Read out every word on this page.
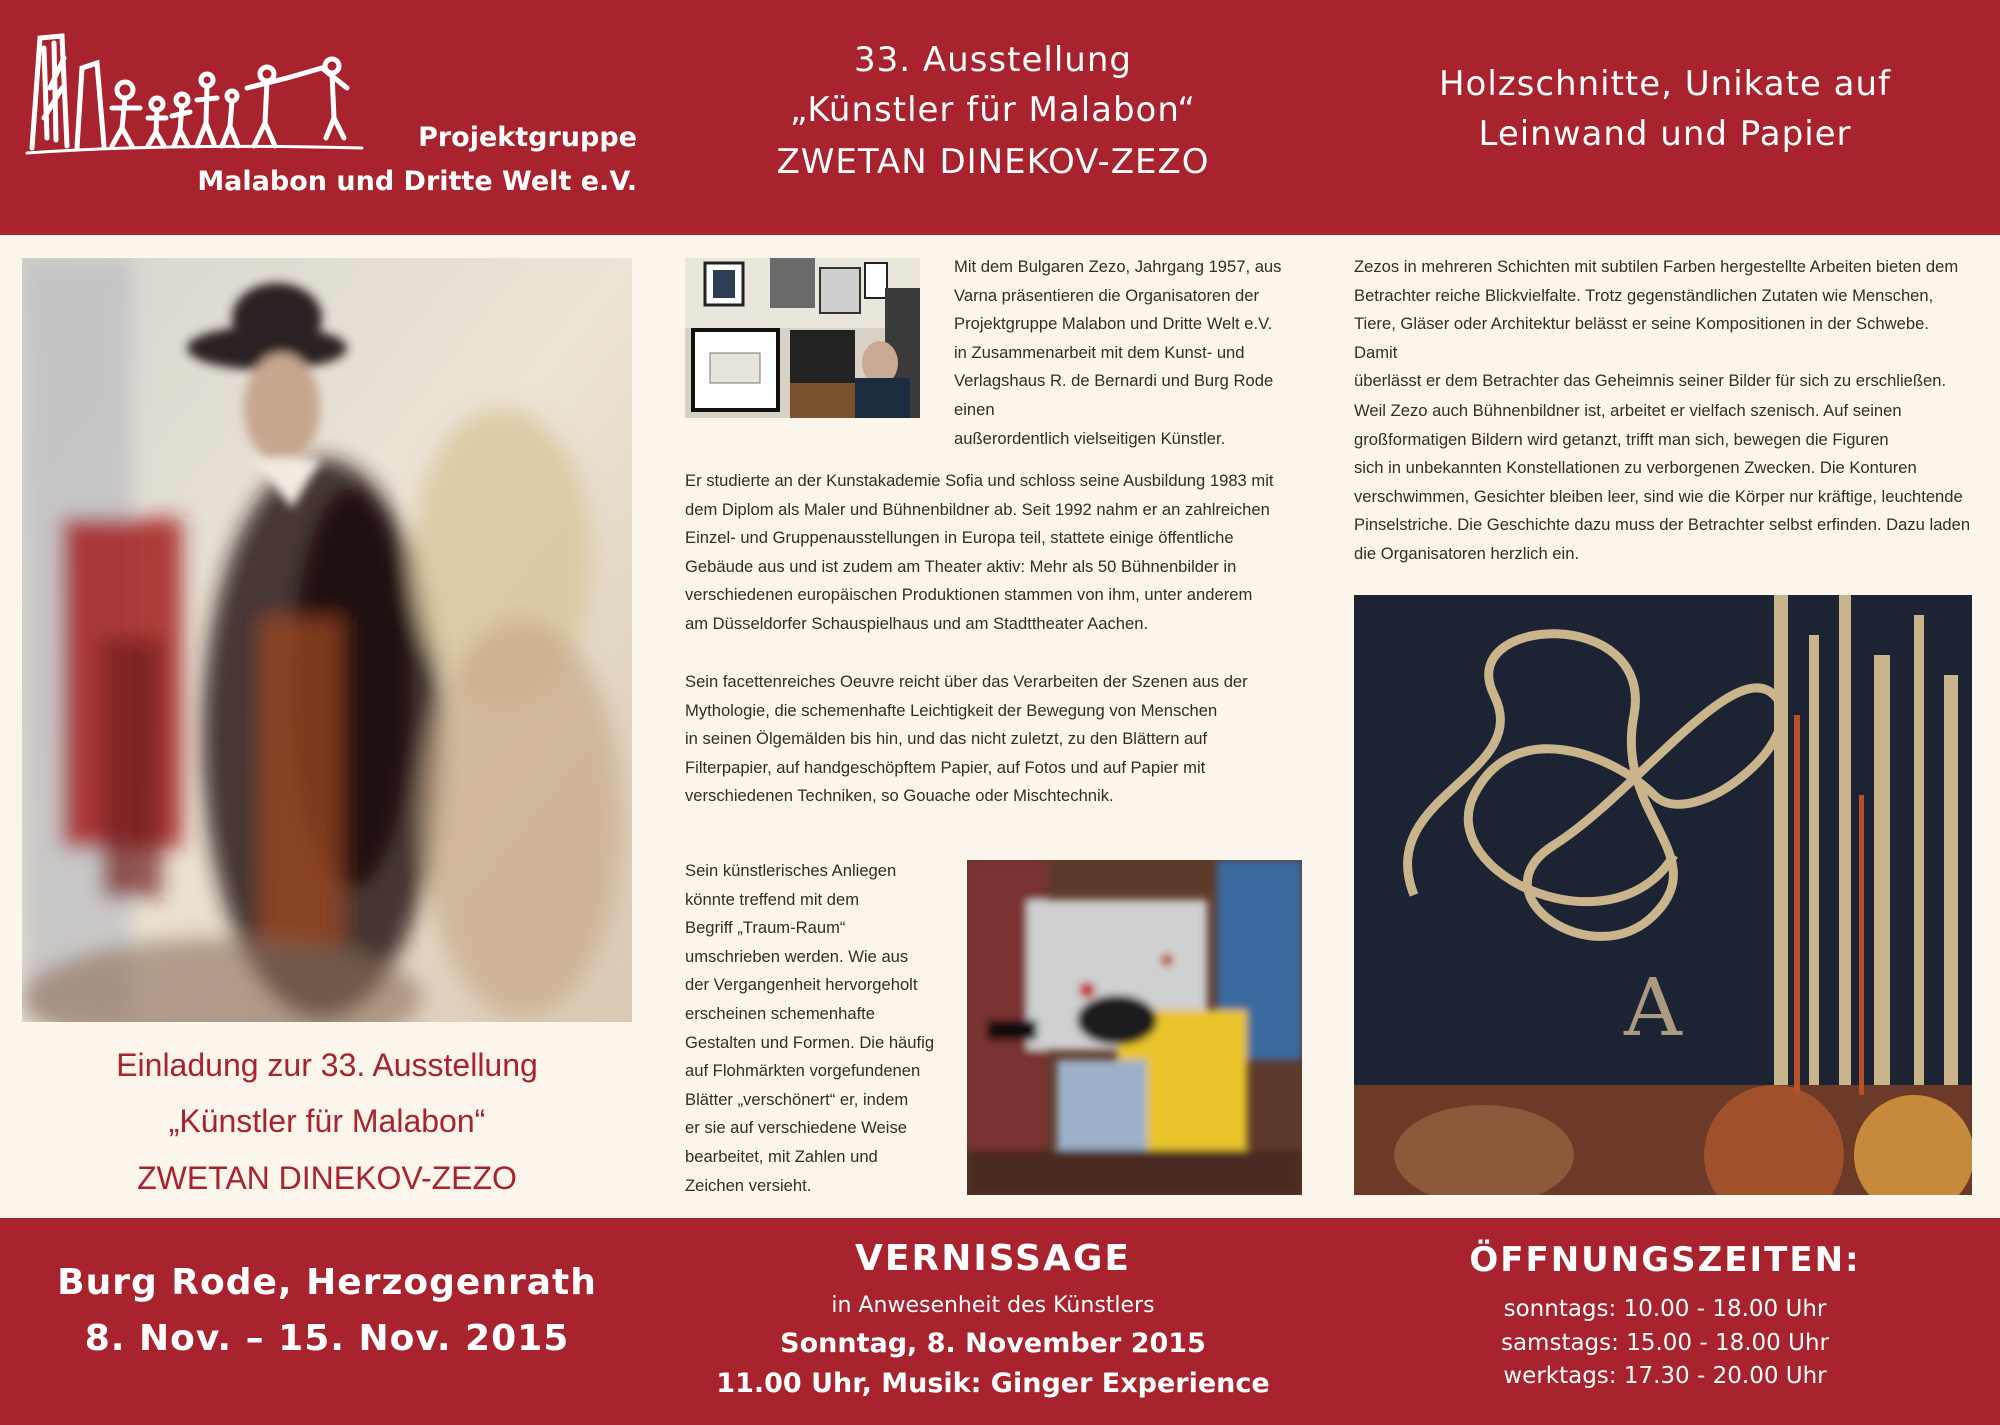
Projektgruppe
Malabon und Dritte Welt e.V.
33. Ausstellung
„Künstler für Malabon“
ZWETAN DINEKOV-ZEZO
Holzschnitte, Unikate auf
Leinwand und Papier
Einladung zur 33. Ausstellung
„Künstler für Malabon“
ZWETAN DINEKOV-ZEZO

Mit dem Bulgaren Zezo, Jahrgang 1957, aus
Varna präsentieren die Organisatoren der
Projektgruppe Malabon und Dritte Welt e.V.
in Zusammenarbeit mit dem Kunst- und
Verlagshaus R. de Bernardi und Burg Rode einen
außerordentlich vielseitigen Künstler.

Er studierte an der Kunstakademie Sofia und schloss seine Ausbildung 1983 mit
dem Diplom als Maler und Bühnenbildner ab. Seit 1992 nahm er an zahlreichen
Einzel- und Gruppenausstellungen in Europa teil, stattete einige öffentliche
Gebäude aus und ist zudem am Theater aktiv: Mehr als 50 Bühnenbilder in
verschiedenen europäischen Produktionen stammen von ihm, unter anderem
am Düsseldorfer Schauspielhaus und am Stadttheater Aachen.

Sein facettenreiches Oeuvre reicht über das Verarbeiten der Szenen aus der
Mythologie, die schemenhafte Leichtigkeit der Bewegung von Menschen
in seinen Ölgemälden bis hin, und das nicht zuletzt, zu den Blättern auf
Filterpapier, auf handgeschöpftem Papier, auf Fotos und auf Papier mit
verschiedenen Techniken, so Gouache oder Mischtechnik.

Sein künstlerisches Anliegen
könnte treffend mit dem
Begriff „Traum-Raum“
umschrieben werden. Wie aus
der Vergangenheit hervorgeholt
erscheinen schemenhafte
Gestalten und Formen. Die häufig
auf Flohmärkten vorgefundenen
Blätter „verschönert“ er, indem
er sie auf verschiedene Weise
bearbeitet, mit Zahlen und
Zeichen versieht.

Zezos in mehreren Schichten mit subtilen Farben hergestellte Arbeiten bieten dem
Betrachter reiche Blickvielfalte. Trotz gegenständlichen Zutaten wie Menschen,
Tiere, Gläser oder Architektur belässt er seine Kompositionen in der Schwebe. Damit
überlässt er dem Betrachter das Geheimnis seiner Bilder für sich zu erschließen.

Weil Zezo auch Bühnenbildner ist, arbeitet er vielfach szenisch. Auf seinen
großformatigen Bildern wird getanzt, trifft man sich, bewegen die Figuren
sich in unbekannten Konstellationen zu verborgenen Zwecken. Die Konturen
verschwimmen, Gesichter bleiben leer, sind wie die Körper nur kräftige, leuchtende
Pinselstriche. Die Geschichte dazu muss der Betrachter selbst erfinden. Dazu laden
die Organisatoren herzlich ein.

A
Burg Rode, Herzogenrath
8. Nov. – 15. Nov. 2015
VERNISSAGE
in Anwesenheit des Künstlers
Sonntag, 8. November 2015
11.00 Uhr, Musik: Ginger Experience
ÖFFNUNGSZEITEN:
sonntags: 10.00 - 18.00 Uhr
samstags: 15.00 - 18.00 Uhr
werktags: 17.30 - 20.00 Uhr
